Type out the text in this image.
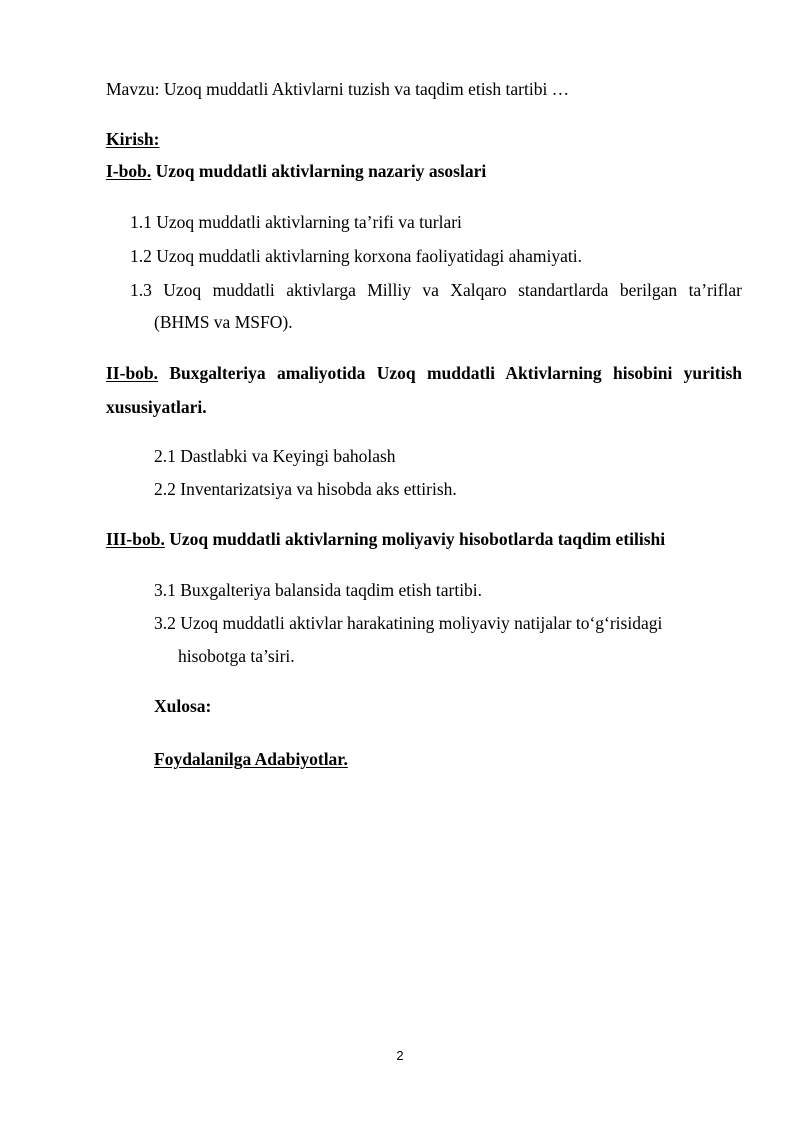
Mavzu: Uzoq muddatli Aktivlarni tuzish va taqdim etish tartibi …
Kirish:
I-bob. Uzoq muddatli aktivlarning nazariy asoslari
1.1 Uzoq muddatli aktivlarning ta’rifi va turlari
1.2 Uzoq muddatli aktivlarning korxona faoliyatidagi ahamiyati.
1.3 Uzoq muddatli aktivlarga Milliy va Xalqaro standartlarda berilgan ta’riflar
(BHMS va MSFO).
II-bob. Buxgalteriya amaliyotida Uzoq muddatli Aktivlarning hisobini yuritish
xususiyatlari.
2.1 Dastlabki va Keyingi baholash
2.2 Inventarizatsiya va hisobda aks ettirish.
III-bob. Uzoq muddatli aktivlarning moliyaviy hisobotlarda taqdim etilishi
3.1 Buxgalteriya balansida taqdim etish tartibi.
3.2 Uzoq muddatli aktivlar harakatining moliyaviy natijalar to‘g‘risidagi
hisobotga ta’siri.
Xulosa:
Foydalanilga Adabiyotlar.
2
